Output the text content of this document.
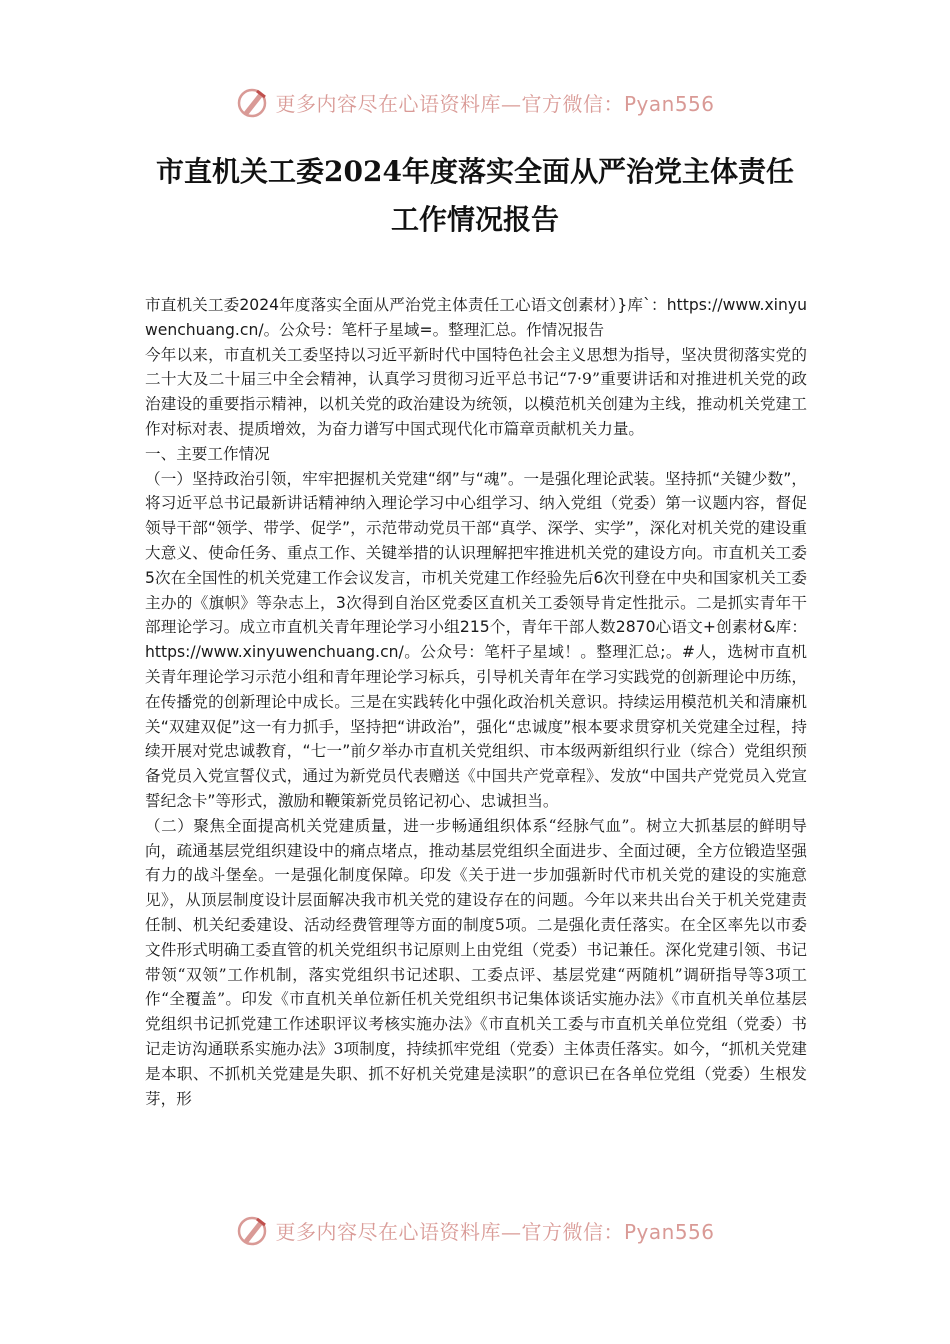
更多内容尽在心语资料库—官方微信：Pyan556
市直机关工委2024年度落实全面从严治党主体责任
工作情况报告

市直机关工委2024年度落实全面从严治党主体责任工心语文创素材）}库`：https://www.xinyuwenchuang.cn/。公众号：笔杆子星域=。整理汇总。作情况报告

今年以来，市直机关工委坚持以习近平新时代中国特色社会主义思想为指导，坚决贯彻落实党的二十大及二十届三中全会精神，认真学习贯彻习近平总书记“7·9”重要讲话和对推进机关党的政治建设的重要指示精神，以机关党的政治建设为统领，以模范机关创建为主线，推动机关党建工作对标对表、提质增效，为奋力谱写中国式现代化市篇章贡献机关力量。

一、主要工作情况

（一）坚持政治引领，牢牢把握机关党建“纲”与“魂”。一是强化理论武装。坚持抓“关键少数”，将习近平总书记最新讲话精神纳入理论学习中心组学习、纳入党组（党委）第一议题内容，督促领导干部“领学、带学、促学”，示范带动党员干部“真学、深学、实学”，深化对机关党的建设重大意义、使命任务、重点工作、关键举措的认识理解把牢推进机关党的建设方向。市直机关工委5次在全国性的机关党建工作会议发言，市机关党建工作经验先后6次刊登在中央和国家机关工委主办的《旗帜》等杂志上，3次得到自治区党委区直机关工委领导肯定性批示。二是抓实青年干部理论学习。成立市直机关青年理论学习小组215个，青年干部人数2870心语文+创素材&库：https://www.xinyuwenchuang.cn/。公众号：笔杆子星域！。整理汇总;。#人，选树市直机关青年理论学习示范小组和青年理论学习标兵，引导机关青年在学习实践党的创新理论中历练，在传播党的创新理论中成长。三是在实践转化中强化政治机关意识。持续运用模范机关和清廉机关“双建双促”这一有力抓手，坚持把“讲政治”，强化“忠诚度”根本要求贯穿机关党建全过程，持续开展对党忠诚教育，“七一”前夕举办市直机关党组织、市本级两新组织行业（综合）党组织预备党员入党宣誓仪式，通过为新党员代表赠送《中国共产党章程》、发放“中国共产党党员入党宣誓纪念卡”等形式，激励和鞭策新党员铭记初心、忠诚担当。

（二）聚焦全面提高机关党建质量，进一步畅通组织体系“经脉气血”。树立大抓基层的鲜明导向，疏通基层党组织建设中的痛点堵点，推动基层党组织全面进步、全面过硬，全方位锻造坚强有力的战斗堡垒。一是强化制度保障。印发《关于进一步加强新时代市机关党的建设的实施意见》，从顶层制度设计层面解决我市机关党的建设存在的问题。今年以来共出台关于机关党建责任制、机关纪委建设、活动经费管理等方面的制度5项。二是强化责任落实。在全区率先以市委文件形式明确工委直管的机关党组织书记原则上由党组（党委）书记兼任。深化党建引领、书记带领“双领”工作机制，落实党组织书记述职、工委点评、基层党建“两随机”调研指导等3项工作“全覆盖”。印发《市直机关单位新任机关党组织书记集体谈话实施办法》《市直机关单位基层党组织书记抓党建工作述职评议考核实施办法》《市直机关工委与市直机关单位党组（党委）书记走访沟通联系实施办法》3项制度，持续抓牢党组（党委）主体责任落实。如今，“抓机关党建是本职、不抓机关党建是失职、抓不好机关党建是渎职”的意识已在各单位党组（党委）生根发芽，形

更多内容尽在心语资料库—官方微信：Pyan556
